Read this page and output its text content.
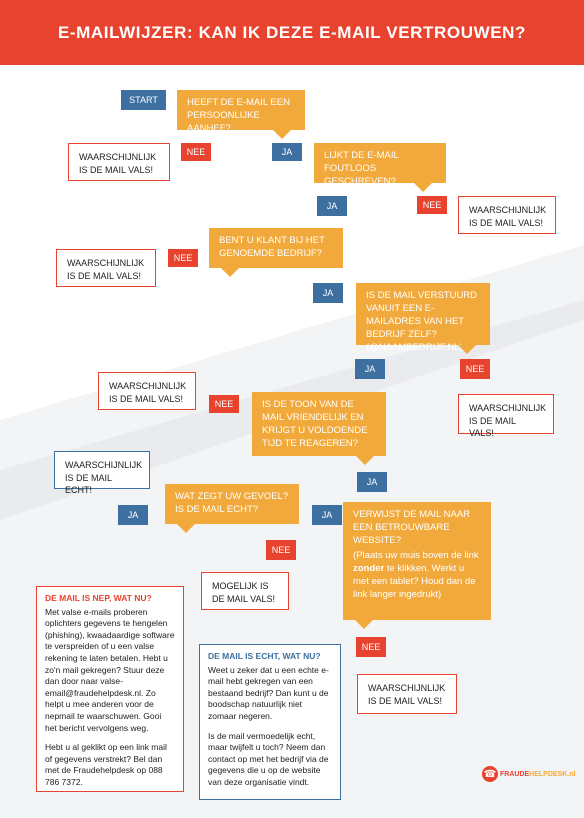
E-MAILWIJZER: KAN IK DEZE E-MAIL VERTROUWEN?
START	HEEFT DE E-MAIL EEN PERSOONLIJKE AANHEF?
WAARSCHIJNLIJK IS DE MAIL VALS!
NEE	JA	LIJKT DE E-MAIL FOUTLOOS GESCHREVEN?
JA	NEE	WAARSCHIJNLIJK IS DE MAIL VALS!
BENT U KLANT BIJ HET GENOEMDE BEDRIJF?
NEE
WAARSCHIJNLIJK IS DE MAIL VALS!
JA	IS DE MAIL VERSTUURD VANUIT EEN E-MAILADRES VAN HET BEDRIJF ZELF? (@NAAMBEDRIJF.NL)
JA	NEE
WAARSCHIJNLIJK IS DE MAIL VALS!
NEE	IS DE TOON VAN DE MAIL VRIENDELIJK EN KRIJGT U VOLDOENDE TIJD TE REAGEREN?
WAARSCHIJNLIJK IS DE MAIL VALS!
WAARSCHIJNLIJK IS DE MAIL ECHT!
JA
WAT ZEGT UW GEVOEL? IS DE MAIL ECHT?
JA	JA	VERWIJST DE MAIL NAAR EEN BETROUWBARE WEBSITE?
(Plaats uw muis boven de link zonder te klikken. Werkt u met een tablet? Houd dan de link langer ingedrukt)
NEE
MOGELIJK IS DE MAIL VALS!
NEE
WAARSCHIJNLIJK IS DE MAIL VALS!
DE MAIL IS NEP, WAT NU?

Met valse e-mails proberen oplichters gegevens te hengelen (phishing), kwaadaardige software te verspreiden of u een valse rekening te laten betalen. Hebt u zo'n mail gekregen? Stuur deze dan door naar valse-email@fraudehelpdesk.nl. Zo helpt u mee anderen voor de nepmail te waarschuwen. Gooi het bericht vervolgens weg.

Hebt u al geklikt op een link mail of gegevens verstrekt? Bel dan met de Fraudehelpdesk op 088 786 7372.

DE MAIL IS ECHT, WAT NU?

Weet u zeker dat u een echte e-mail hebt gekregen van een bestaand bedrijf? Dan kunt u de boodschap natuurlijk niet zomaar negeren.

Is de mail vermoedelijk echt, maar twijfelt u toch? Neem dan contact op met het bedrijf via de gegevens die u op de website van deze organisatie vindt.

☎ FRAUDEHELPDESK.nl
